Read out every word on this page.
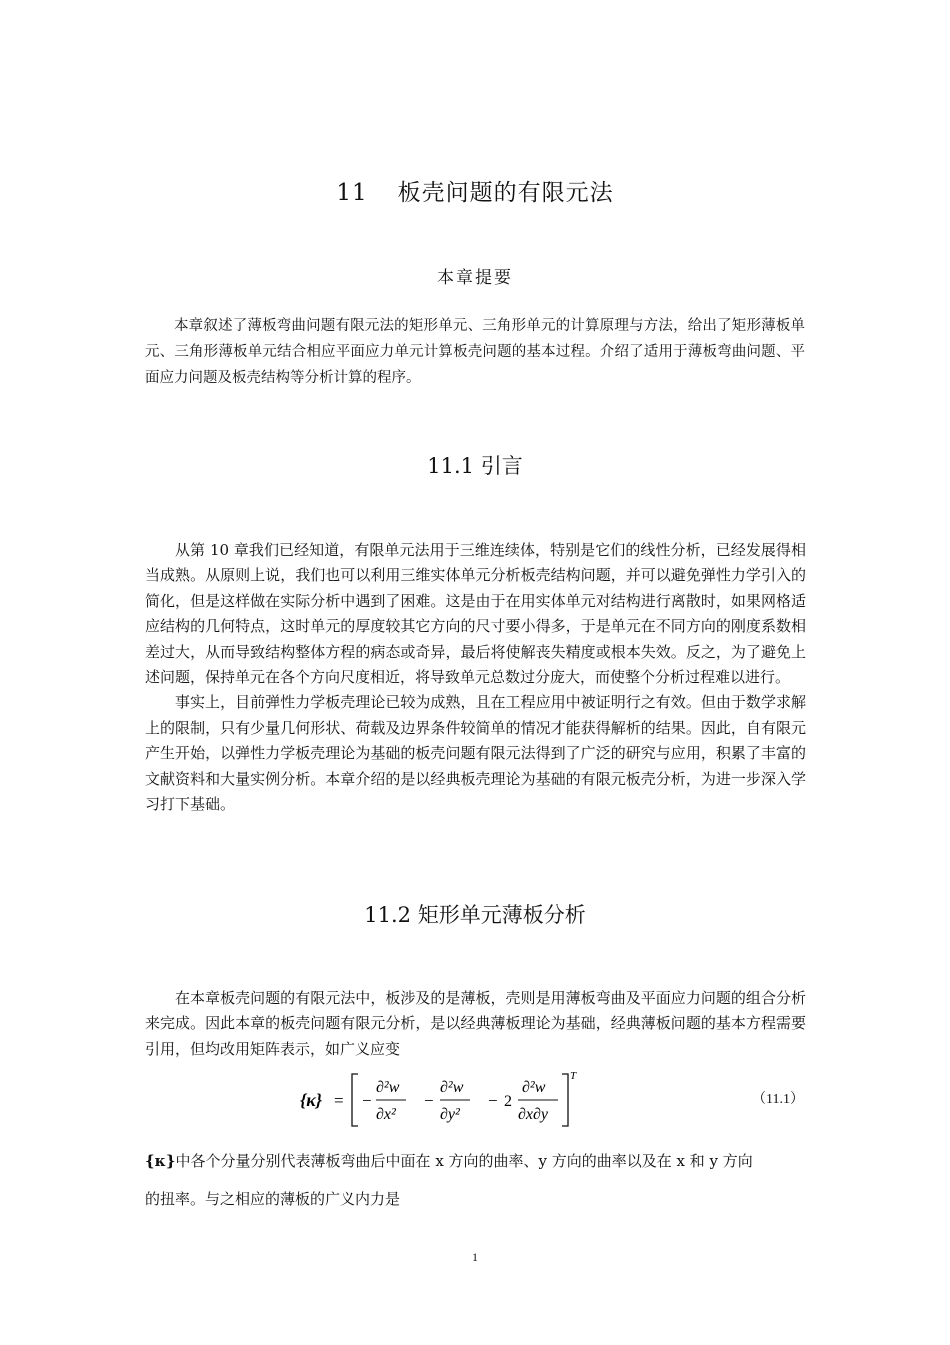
11 板壳问题的有限元法
本章提要

本章叙述了薄板弯曲问题有限元法的矩形单元、三角形单元的计算原理与方法，给出了矩形薄板单元、三角形薄板单元结合相应平面应力单元计算板壳问题的基本过程。介绍了适用于薄板弯曲问题、平面应力问题及板壳结构等分析计算的程序。

11.1 引言

从第 10 章我们已经知道，有限单元法用于三维连续体，特别是它们的线性分析，已经发展得相当成熟。从原则上说，我们也可以利用三维实体单元分析板壳结构问题，并可以避免弹性力学引入的简化，但是这样做在实际分析中遇到了困难。这是由于在用实体单元对结构进行离散时，如果网格适应结构的几何特点，这时单元的厚度较其它方向的尺寸要小得多，于是单元在不同方向的刚度系数相差过大，从而导致结构整体方程的病态或奇异，最后将使解丧失精度或根本失效。反之，为了避免上述问题，保持单元在各个方向尺度相近，将导致单元总数过分庞大，而使整个分析过程难以进行。

事实上，目前弹性力学板壳理论已较为成熟，且在工程应用中被证明行之有效。但由于数学求解上的限制，只有少量几何形状、荷载及边界条件较简单的情况才能获得解析的结果。因此，自有限元产生开始，以弹性力学板壳理论为基础的板壳问题有限元法得到了广泛的研究与应用，积累了丰富的文献资料和大量实例分析。本章介绍的是以经典板壳理论为基础的有限元板壳分析，为进一步深入学习打下基础。

11.2 矩形单元薄板分析

在本章板壳问题的有限元法中，板涉及的是薄板，壳则是用薄板弯曲及平面应力问题的组合分析来完成。因此本章的板壳问题有限元分析，是以经典薄板理论为基础，经典薄板问题的基本方程需要引用，但均改用矩阵表示，如广义应变

{κ} = −
∂²w
∂x²
−
∂²w
∂y²
− 2
∂²w
∂x∂y
T
（11.1）

{κ}中各个分量分别代表薄板弯曲后中面在 x 方向的曲率、y 方向的曲率以及在 x 和 y 方向

的扭率。与之相应的薄板的广义内力是

1
